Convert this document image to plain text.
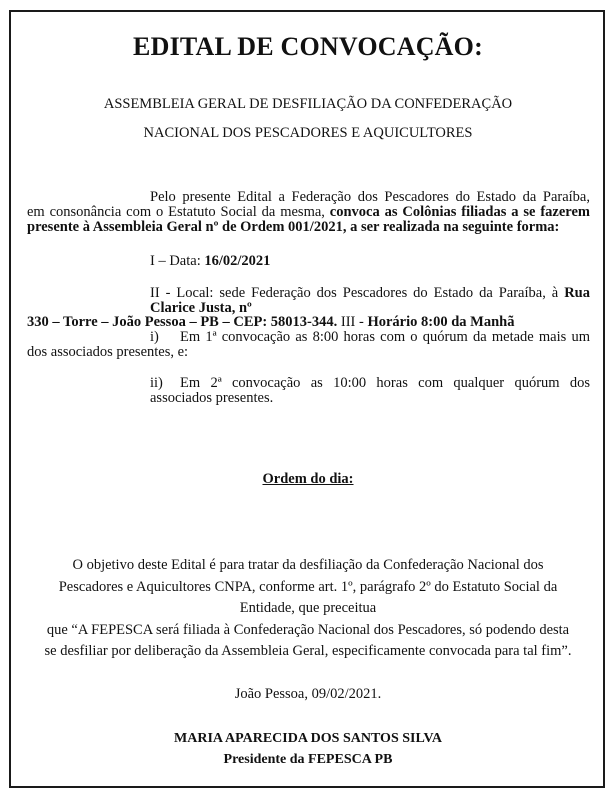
EDITAL DE CONVOCAÇÃO:
ASSEMBLEIA GERAL DE DESFILIAÇÃO DA CONFEDERAÇÃO
NACIONAL DOS PESCADORES E AQUICULTORES
Pelo presente Edital a Federação dos Pescadores do Estado da Paraíba,
em consonância com o Estatuto Social da mesma, convoca as Colônias filiadas a se fazerem
presente à Assembleia Geral nº de Ordem 001/2021, a ser realizada na seguinte forma:
I – Data: 16/02/2021
II - Local: sede Federação dos Pescadores do Estado da Paraíba, à Rua
Clarice Justa, nº
330 – Torre – João Pessoa – PB – CEP: 58013-344. III - Horário 8:00 da Manhã
i) Em 1ª convocação as 8:00 horas com o quórum da metade mais um
dos associados presentes, e:
ii) Em 2ª convocação as 10:00 horas com qualquer quórum dos
associados presentes.
Ordem do dia:
O objetivo deste Edital é para tratar da desfiliação da Confederação Nacional dos
Pescadores e Aquicultores CNPA, conforme art. 1º, parágrafo 2º do Estatuto Social da
Entidade, que preceitua
que “A FEPESCA será filiada à Confederação Nacional dos Pescadores, só podendo desta
se desfiliar por deliberação da Assembleia Geral, especificamente convocada para tal fim”.
João Pessoa, 09/02/2021.
MARIA APARECIDA DOS SANTOS SILVA
Presidente da FEPESCA PB
